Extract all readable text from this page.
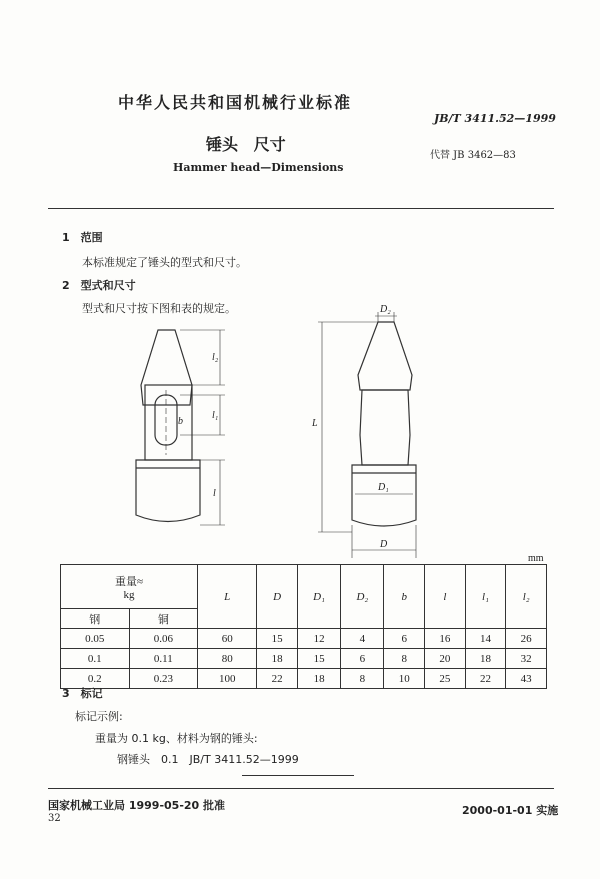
中华人民共和国机械行业标准
JB/T 3411.52—1999
锤头 尺寸
代替 JB 3462—83
Hammer head—Dimensions
1　 范围
本标准规定了锤头的型式和尺寸。
2　 型式和尺寸
型式和尺寸按下图和表的规定。
l₂
l₁
b
l
D₂
L
D₁
D
mm
重量≈
kg		L	D	D₁	D₂	b	l	l₁	l₂
钢	铜								
0.05	0.06	60	15	12	4	6	16	14	26
0.1	0.11	80	18	15	6	8	20	18	32
0.2	0.23	100	22	18	8	10	25	22	43
3　 标记
标记示例:
重量为 0.1 kg、材料为钢的锤头:
钢锤头　0.1　JB/T 3411.52—1999
国家机械工业局 1999-05-20 批准	2000-01-01 实施
32
